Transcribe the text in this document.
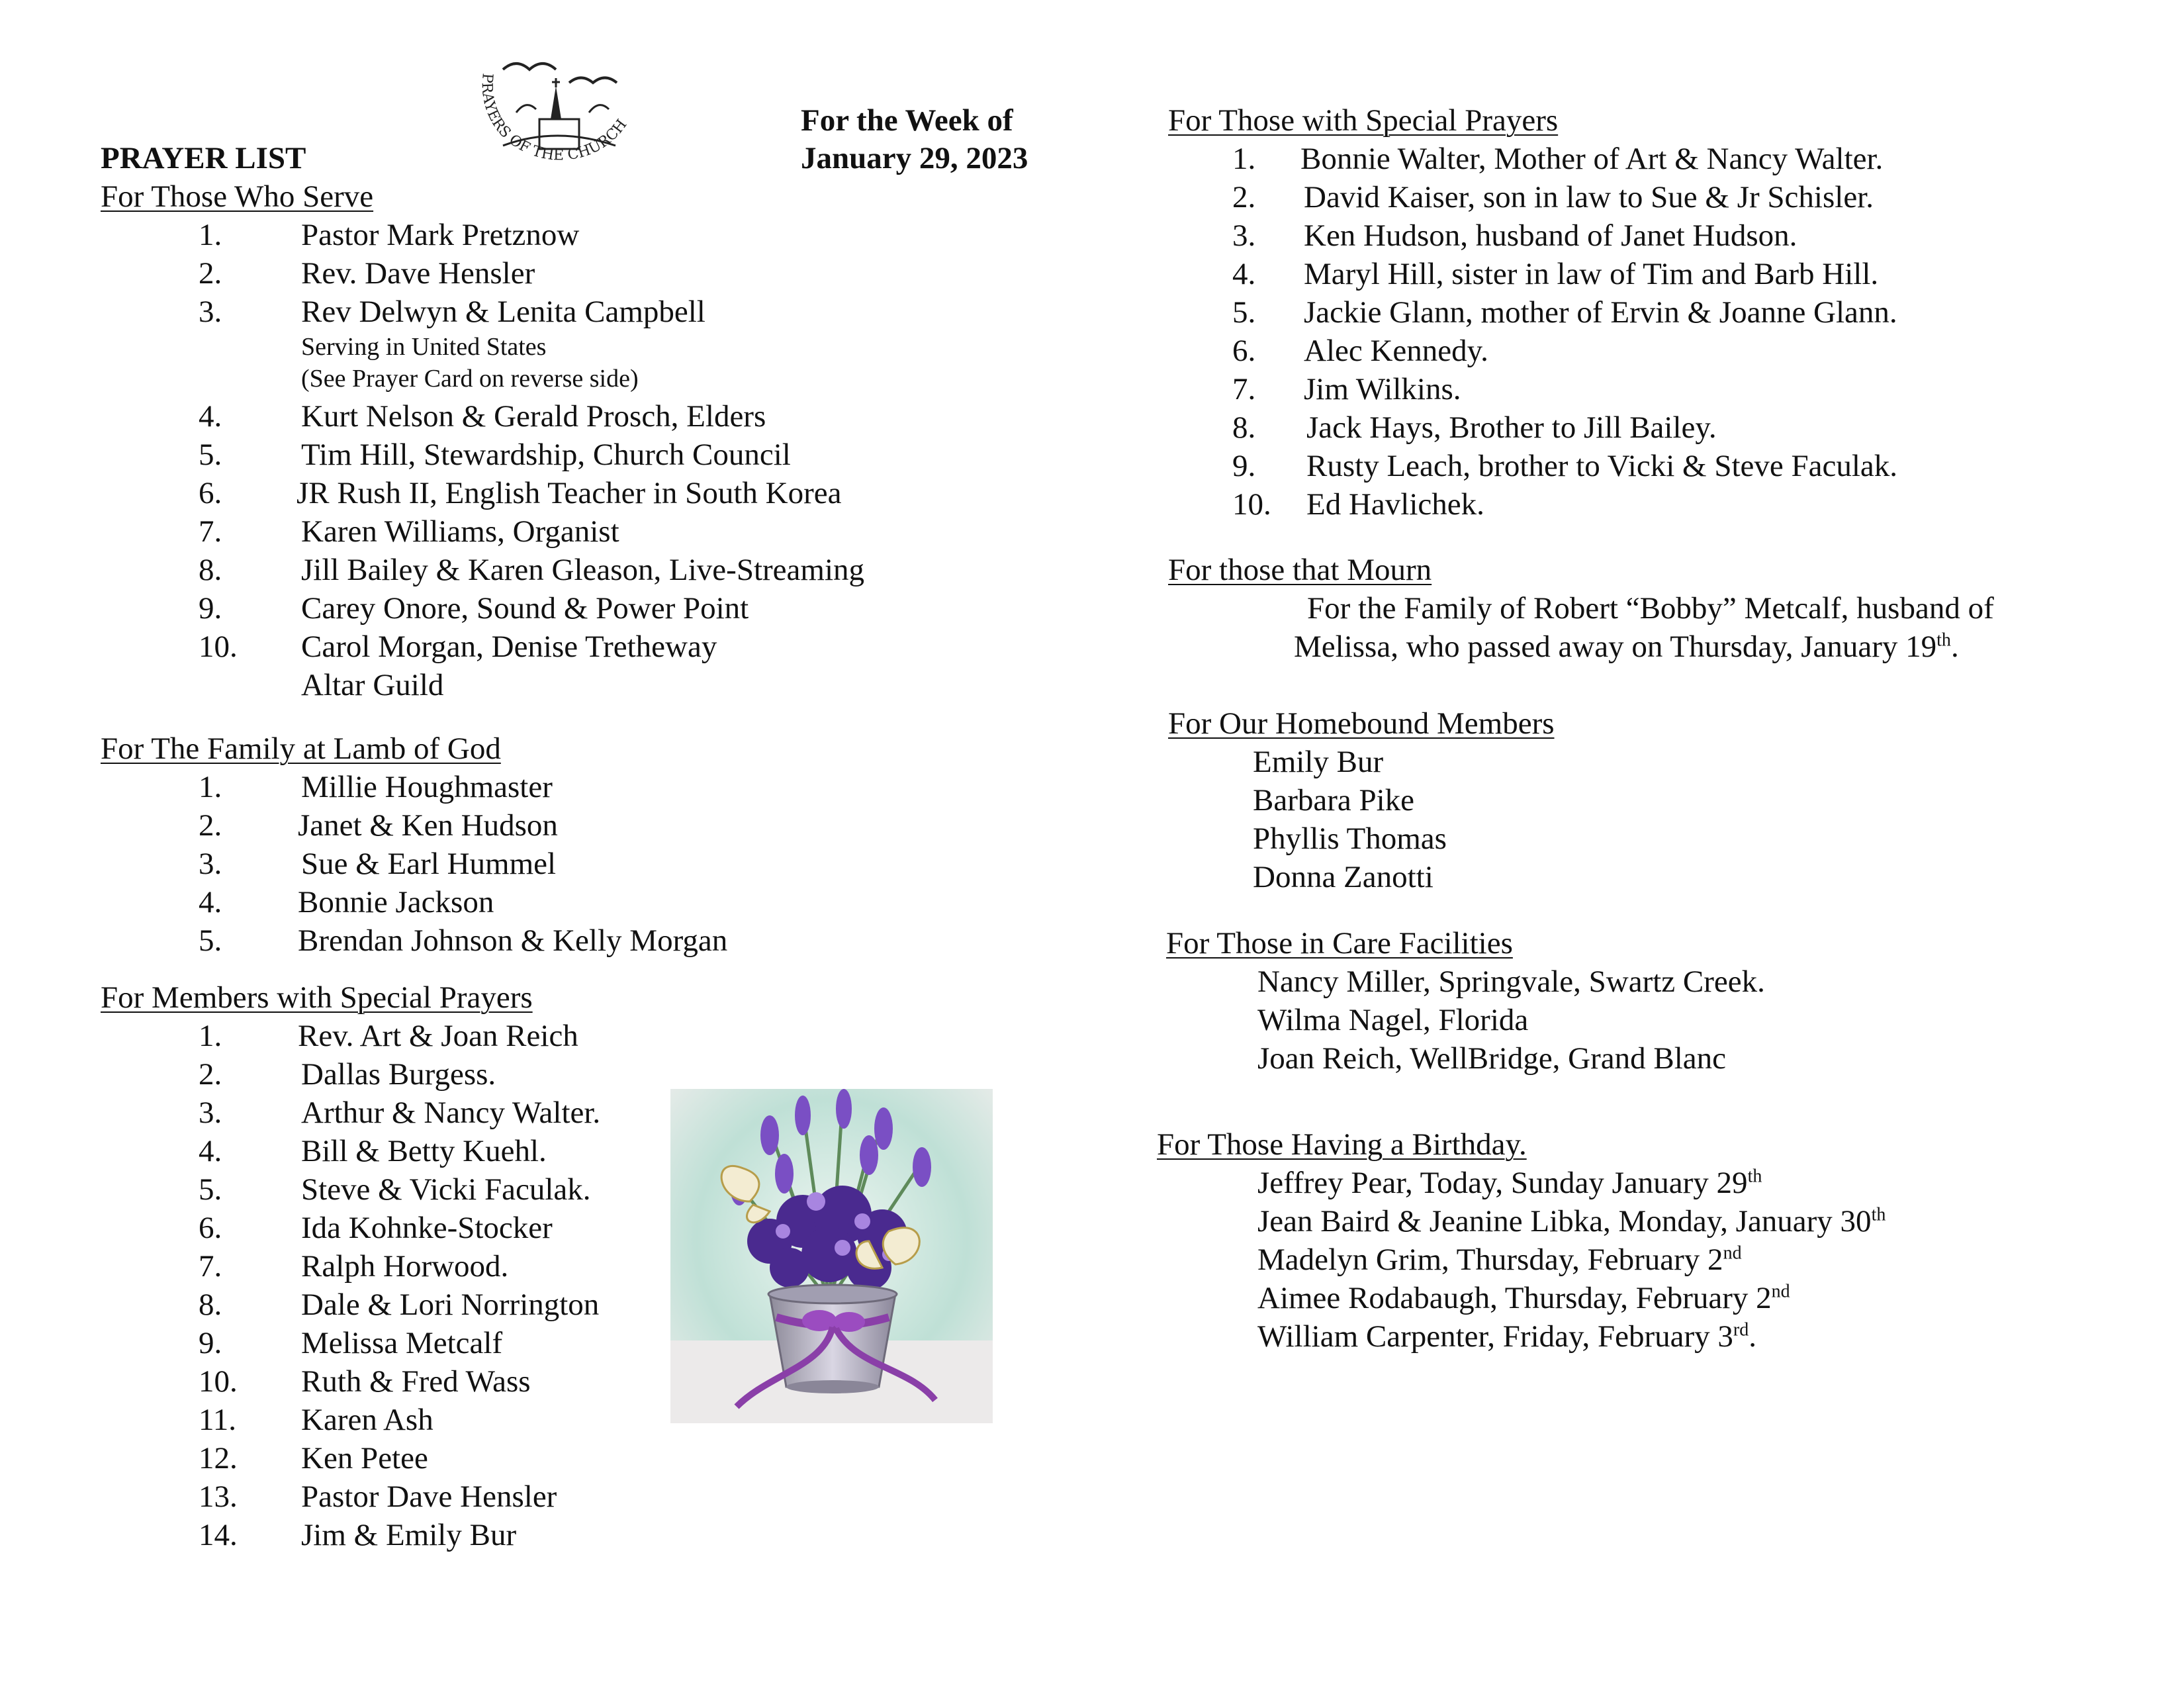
PRAYER LIST
PRAYERS OF THE CHURCH	For the Week of
January 29, 2023
For Those Who Serve
1.	Pastor Mark Pretznow
2.	Rev. Dave Hensler
3.	Rev Delwyn & Lenita Campbell
Serving in United States
(See Prayer Card on reverse side)
4.	Kurt Nelson & Gerald Prosch, Elders
5.	Tim Hill, Stewardship, Church Council
6. JR Rush II, English Teacher in South Korea
7.	Karen Williams, Organist
8.	Jill Bailey & Karen Gleason, Live-Streaming
9.	Carey Onore, Sound & Power Point
10. Carol Morgan, Denise Tretheway
Altar Guild
For The Family at Lamb of God
1.	Millie Houghmaster
2. Janet & Ken Hudson
3.	Sue & Earl Hummel
4. Bonnie Jackson
5. Brendan Johnson & Kelly Morgan
For Members with Special Prayers
1. Rev. Art & Joan Reich
2.	Dallas Burgess.
3.	Arthur & Nancy Walter.
4.	Bill & Betty Kuehl.
5.	Steve & Vicki Faculak.
6.	Ida Kohnke-Stocker
7.	Ralph Horwood.
8.	Dale & Lori Norrington
9.	Melissa Metcalf
10. Ruth & Fred Wass
11. Karen Ash
12. Ken Petee
13. Pastor Dave Hensler
14. Jim & Emily Bur
For Those with Special Prayers
1. Bonnie Walter, Mother of Art & Nancy Walter.
2. David Kaiser, son in law to Sue & Jr Schisler.
3. Ken Hudson, husband of Janet Hudson.
4. Maryl Hill, sister in law of Tim and Barb Hill.
5. Jackie Glann, mother of Ervin & Joanne Glann.
6. Alec Kennedy.
7. Jim Wilkins.
8. Jack Hays, Brother to Jill Bailey.
9. Rusty Leach, brother to Vicki & Steve Faculak.
10. Ed Havlichek.
For those that Mourn
For the Family of Robert “Bobby” Metcalf, husband of
Melissa, who passed away on Thursday, January 19th.
For Our Homebound Members
Emily Bur
Barbara Pike
Phyllis Thomas
Donna Zanotti
For Those in Care Facilities
Nancy Miller, Springvale, Swartz Creek.
Wilma Nagel, Florida
Joan Reich, WellBridge, Grand Blanc
For Those Having a Birthday.
Jeffrey Pear, Today, Sunday January 29th
Jean Baird & Jeanine Libka, Monday, January 30th
Madelyn Grim, Thursday, February 2nd
Aimee Rodabaugh, Thursday, February 2nd
William Carpenter, Friday, February 3rd.
